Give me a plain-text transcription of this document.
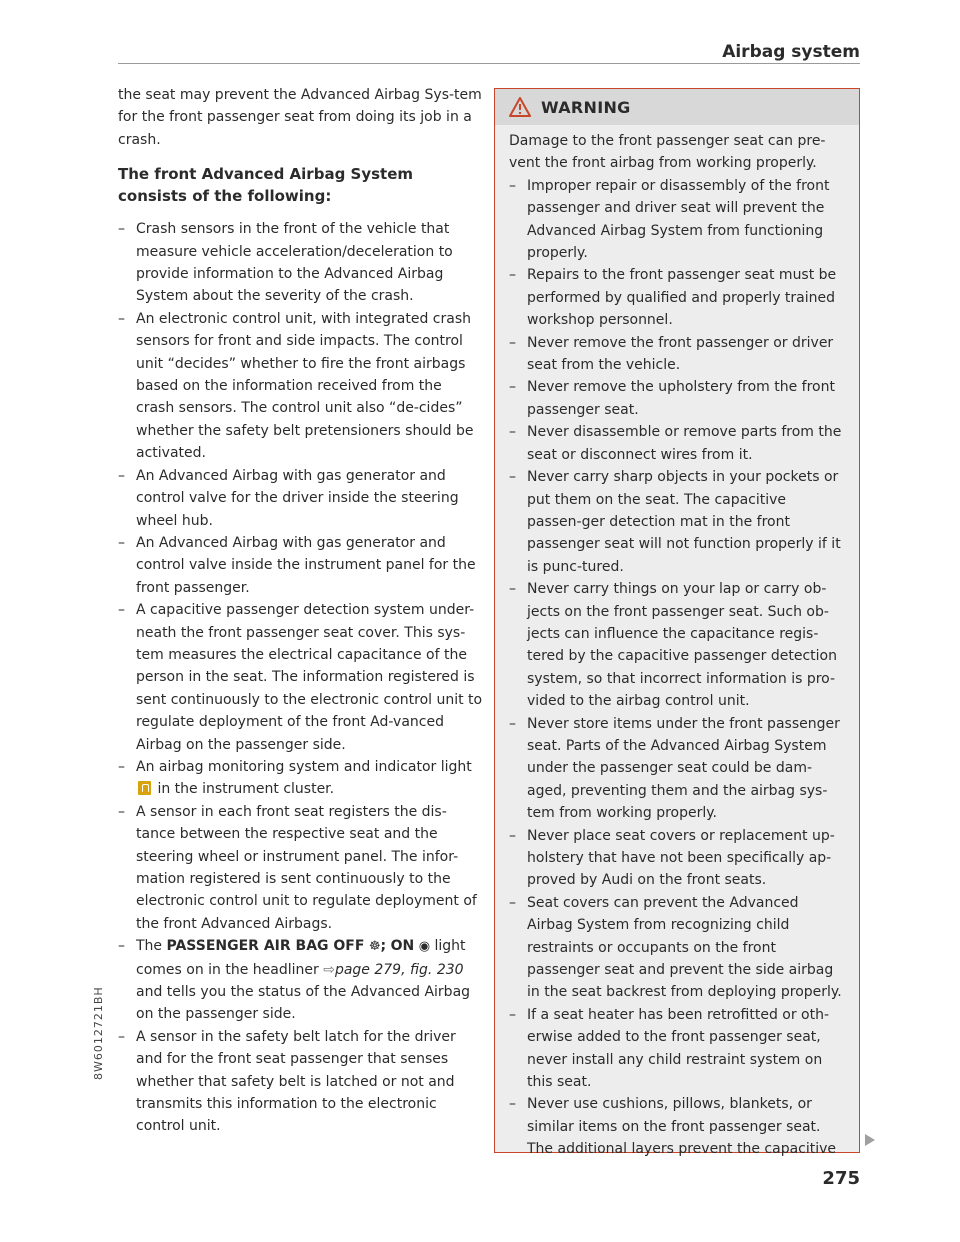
Airbag system

the seat may prevent the Advanced Airbag Sys-tem for the front passenger seat from doing its job in a crash.

The front Advanced Airbag System consists of the following:
– Crash sensors in the front of the vehicle that measure vehicle acceleration/deceleration to provide information to the Advanced Airbag System about the severity of the crash.
– An electronic control unit, with integrated crash sensors for front and side impacts. The control unit “decides” whether to fire the front airbags based on the information received from the crash sensors. The control unit also “de-cides” whether the safety belt pretensioners should be activated.
– An Advanced Airbag with gas generator and control valve for the driver inside the steering wheel hub.
– An Advanced Airbag with gas generator and control valve inside the instrument panel for the front passenger.
– A capacitive passenger detection system under-neath the front passenger seat cover. This sys-tem measures the electrical capacitance of the person in the seat. The information registered is sent continuously to the electronic control unit to regulate deployment of the front Ad-vanced Airbag on the passenger side.
– An airbag monitoring system and indicator light  in the instrument cluster.
– A sensor in each front seat registers the dis-tance between the respective seat and the steering wheel or instrument panel. The infor-mation registered is sent continuously to the electronic control unit to regulate deployment of the front Advanced Airbags.
– The PASSENGER AIR BAG OFF ☸; ON ◉ light comes on in the headliner ⇨page 279, fig. 230 and tells you the status of the Advanced Airbag on the passenger side.
– A sensor in the safety belt latch for the driver and for the front seat passenger that senses whether that safety belt is latched or not and transmits this information to the electronic control unit.
WARNING

Damage to the front passenger seat can pre-vent the front airbag from working properly.

– Improper repair or disassembly of the front passenger and driver seat will prevent the Advanced Airbag System from functioning properly.
– Repairs to the front passenger seat must be performed by qualified and properly trained workshop personnel.
– Never remove the front passenger or driver seat from the vehicle.
– Never remove the upholstery from the front passenger seat.
– Never disassemble or remove parts from the seat or disconnect wires from it.
– Never carry sharp objects in your pockets or put them on the seat. The capacitive passen-ger detection mat in the front passenger seat will not function properly if it is punc-tured.
– Never carry things on your lap or carry ob-jects on the front passenger seat. Such ob-jects can influence the capacitance regis-tered by the capacitive passenger detection system, so that incorrect information is pro-vided to the airbag control unit.
– Never store items under the front passenger seat. Parts of the Advanced Airbag System under the passenger seat could be dam-aged, preventing them and the airbag sys-tem from working properly.
– Never place seat covers or replacement up-holstery that have not been specifically ap-proved by Audi on the front seats.
– Seat covers can prevent the Advanced Airbag System from recognizing child restraints or occupants on the front passenger seat and prevent the side airbag in the seat backrest from deploying properly.
– If a seat heater has been retrofitted or oth-erwise added to the front passenger seat, never install any child restraint system on this seat.
– Never use cushions, pillows, blankets, or similar items on the front passenger seat. The additional layers prevent the capacitive
275
8W6012721BH
